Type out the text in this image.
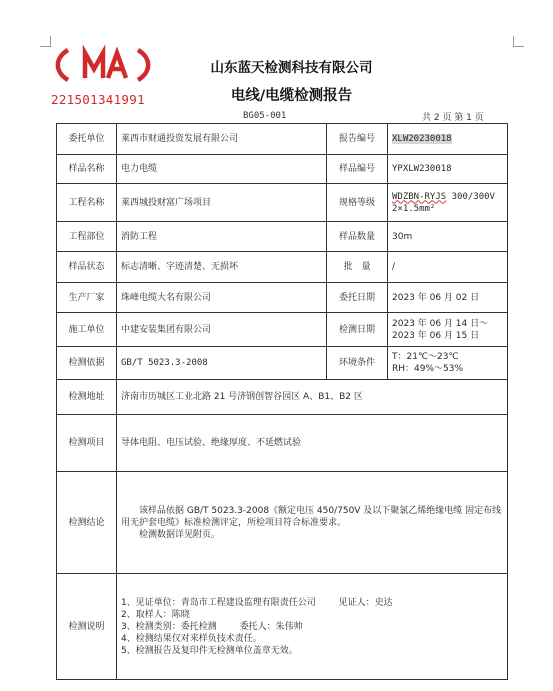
221501341991
山东蓝天检测科技有限公司
电线/电缆检测报告
BG05-001	共 2 页 第 1 页
委托单位	莱西市财通投资发展有限公司	报告编号	XLW20230018
样品名称	电力电缆	样品编号	YPXLW230018
工程名称	莱西城投财富广场项目	规格等级	WDZBN-RYJS 300/300V
2×1.5mm²

工程部位	消防工程	样品数量	30m
样品状态	标志清晰、字迹清楚、无损坏	批　量	/
生产厂家	珠峰电缆大名有限公司	委托日期	2023 年 06 月 02 日
施工单位	中建安装集团有限公司	检测日期	2023 年 06 月 14 日～
2023 年 06 月 15 日

检测依据	GB/T 5023.3-2008	环境条件	T：21℃～23℃
RH：49%～53%

检测地址	济南市历城区工业北路 21 号济钢创智谷园区 A、B1、B2 区		
检测项目	导体电阻、电压试验、绝缘厚度、不延燃试验		
检测结论	该样品依据 GB/T 5023.3-2008《额定电压 450/750V 及以下聚氯乙烯绝缘电缆 固定布线用无护套电缆》标准检测评定，所检项目符合标准要求。

检测数据详见附页。		

检测说明	1、见证单位：青岛市工程建设监理有限责任公司        见证人：史达
2、取样人：陈晓
3、检测类别：委托检测        委托人：朱伟帅
4、检测结果仅对来样负技术责任。
5、检测报告及复印件无检测单位盖章无效。		
